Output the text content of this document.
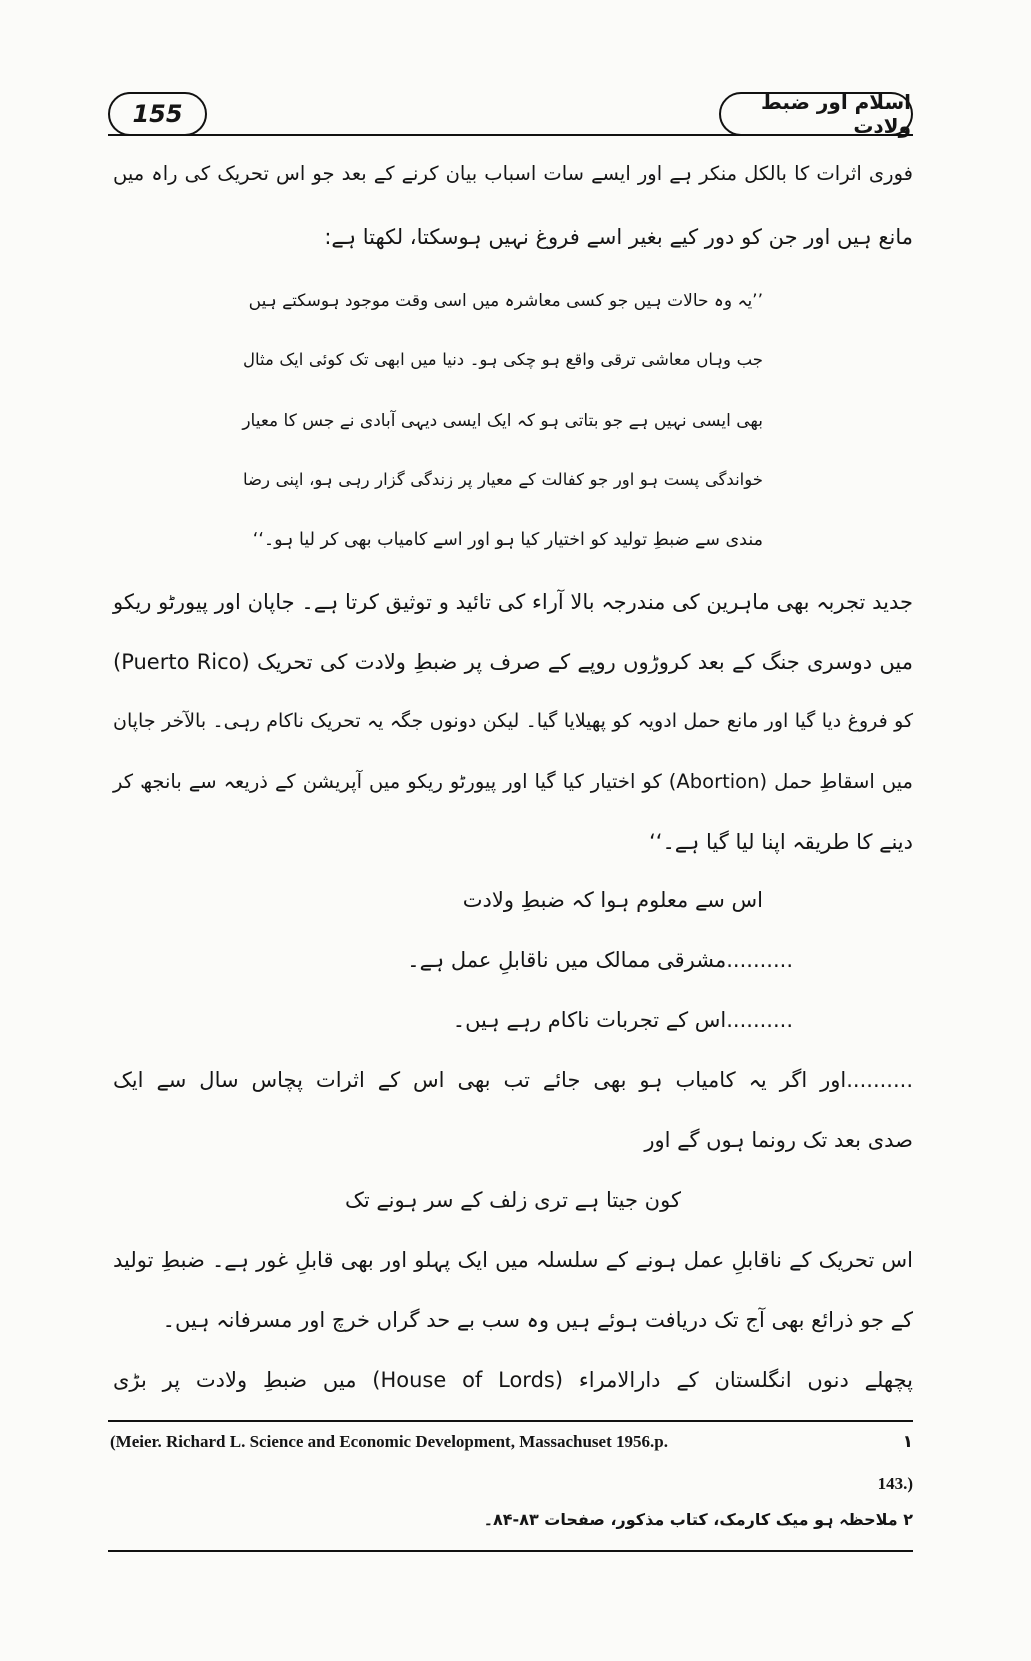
155	اسلام اور ضبط ولادت
فوری اثرات کا بالکل منکر ہے اور ایسے سات اسباب بیان کرنے کے بعد جو اس تحریک کی راہ میں
مانع ہیں اور جن کو دور کیے بغیر اسے فروغ نہیں ہوسکتا، لکھتا ہے:
’’یہ وہ حالات ہیں جو کسی معاشرہ میں اسی وقت موجود ہوسکتے ہیں
جب وہاں معاشی ترقی واقع ہو چکی ہو۔ دنیا میں ابھی تک کوئی ایک مثال
بھی ایسی نہیں ہے جو بتاتی ہو کہ ایک ایسی دیہی آبادی نے جس کا معیار
خواندگی پست ہو اور جو کفالت کے معیار پر زندگی گزار رہی ہو، اپنی رضا
مندی سے ضبطِ تولید کو اختیار کیا ہو اور اسے کامیاب بھی کر لیا ہو۔‘‘
جدید تجربہ بھی ماہرین کی مندرجہ بالا آراء کی تائید و توثیق کرتا ہے۔ جاپان اور پیورٹو ریکو
(Puerto Rico) میں دوسری جنگ کے بعد کروڑوں روپے کے صرف پر ضبطِ ولادت کی تحریک
کو فروغ دیا گیا اور مانع حمل ادویہ کو پھیلایا گیا۔ لیکن دونوں جگہ یہ تحریک ناکام رہی۔ بالآخر جاپان
میں اسقاطِ حمل (Abortion) کو اختیار کیا گیا اور پیورٹو ریکو میں آپریشن کے ذریعہ سے بانجھ کر
دینے کا طریقہ اپنا لیا گیا ہے۔‘‘
اس سے معلوم ہوا کہ ضبطِ ولادت
..........مشرقی ممالک میں ناقابلِ عمل ہے۔
..........اس کے تجربات ناکام رہے ہیں۔
..........اور اگر یہ کامیاب ہو بھی جائے تب بھی اس کے اثرات پچاس سال سے ایک
صدی بعد تک رونما ہوں گے اور
کون جیتا ہے تری زلف کے سر ہونے تک
اس تحریک کے ناقابلِ عمل ہونے کے سلسلہ میں ایک پہلو اور بھی قابلِ غور ہے۔ ضبطِ تولید
کے جو ذرائع بھی آج تک دریافت ہوئے ہیں وہ سب بے حد گراں خرچ اور مسرفانہ ہیں۔
پچھلے دنوں انگلستان کے دارالامراء (House of Lords) میں ضبطِ ولادت پر بڑی
۱
(Meier. Richard L. Science and Economic Development, Massachuset 1956.p.
143.)
۲ ملاحظہ ہو میک کارمک، کتاب مذکور، صفحات ۸۳-۸۴۔
